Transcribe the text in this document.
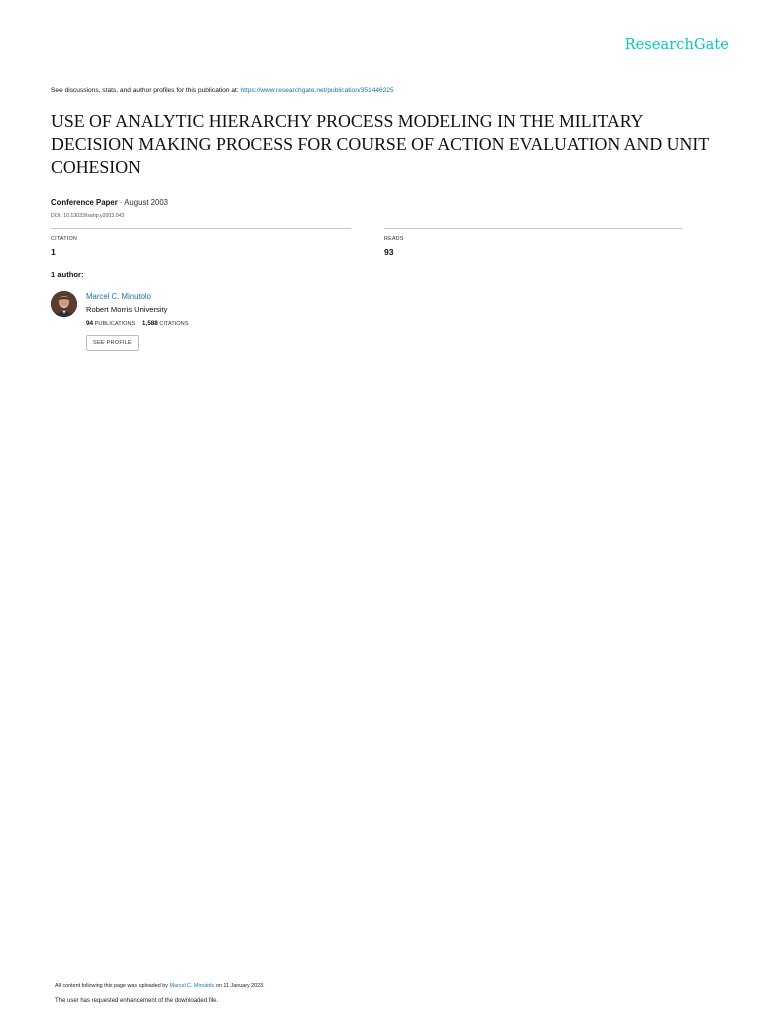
ResearchGate
See discussions, stats, and author profiles for this publication at: https://www.researchgate.net/publication/351446225
USE OF ANALYTIC HIERARCHY PROCESS MODELING IN THE MILITARY DECISION MAKING PROCESS FOR COURSE OF ACTION EVALUATION AND UNIT COHESION
Conference Paper · August 2003
DOI: 10.13033/isahp.y2003.043
CITATION
1
READS
93
1 author:
Marcel C. Minutolo
Robert Morris University
94 PUBLICATIONS 1,588 CITATIONS
SEE PROFILE
All content following this page was uploaded by Marcel C. Minutolo on 11 January 2023.
The user has requested enhancement of the downloaded file.
